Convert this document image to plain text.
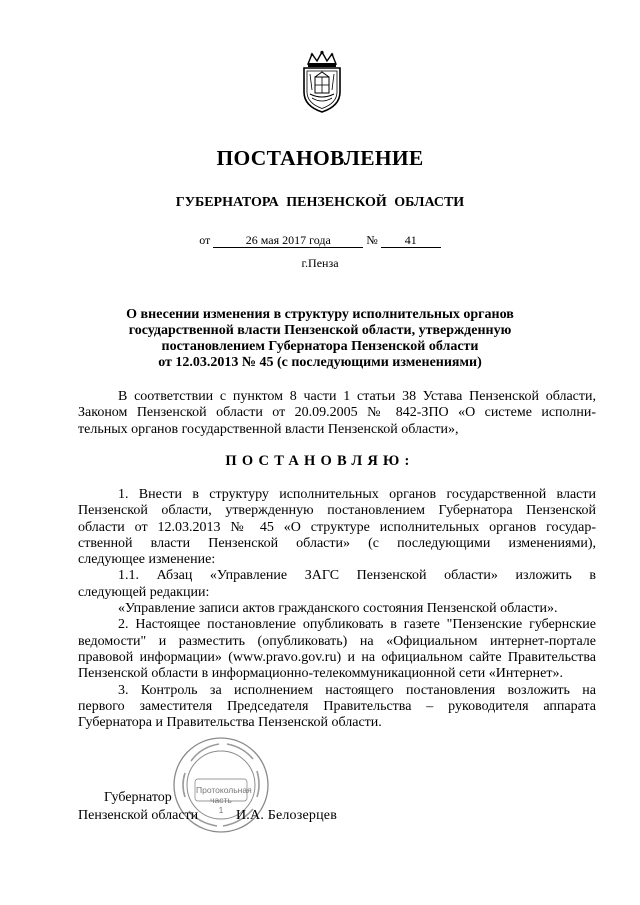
ПОСТАНОВЛЕНИЕ
ГУБЕРНАТОРА ПЕНЗЕНСКОЙ ОБЛАСТИ
от	26 мая 2017 года	№ 41
г.Пенза
О внесении изменения в структуру исполнительных органов
государственной власти Пензенской области, утвержденную
постановлением Губернатора Пензенской области
от 12.03.2013 № 45 (с последующими изменениями)
В соответствии с пунктом 8 части 1 статьи 38 Устава Пензенской области,
Законом Пензенской области от 20.09.2005 № 842-ЗПО «О системе исполни-
тельных органов государственной власти Пензенской области»,
ПОСТАНОВЛЯЮ:
1. Внести в структуру исполнительных органов государственной власти
Пензенской области, утвержденную постановлением Губернатора Пензенской
области от 12.03.2013 № 45 «О структуре исполнительных органов государ-
ственной власти Пензенской области» (с последующими изменениями),
следующее изменение:
1.1. Абзац «Управление ЗАГС Пензенской области» изложить в
следующей редакции:
«Управление записи актов гражданского состояния Пензенской области».
2. Настоящее постановление опубликовать в газете "Пензенские губернские
ведомости" и разместить (опубликовать) на «Официальном интернет-портале
правовой информации» (www.pravo.gov.ru) и на официальном сайте Правительства
Пензенской области в информационно-телекоммуникационной сети «Интернет».
3. Контроль за исполнением настоящего постановления возложить на
первого заместителя Председателя Правительства – руководителя аппарата
Губернатора и Правительства Пензенской области.
Протокольная
часть
1
Губернатор
Пензенской области	И.А. Белозерцев
